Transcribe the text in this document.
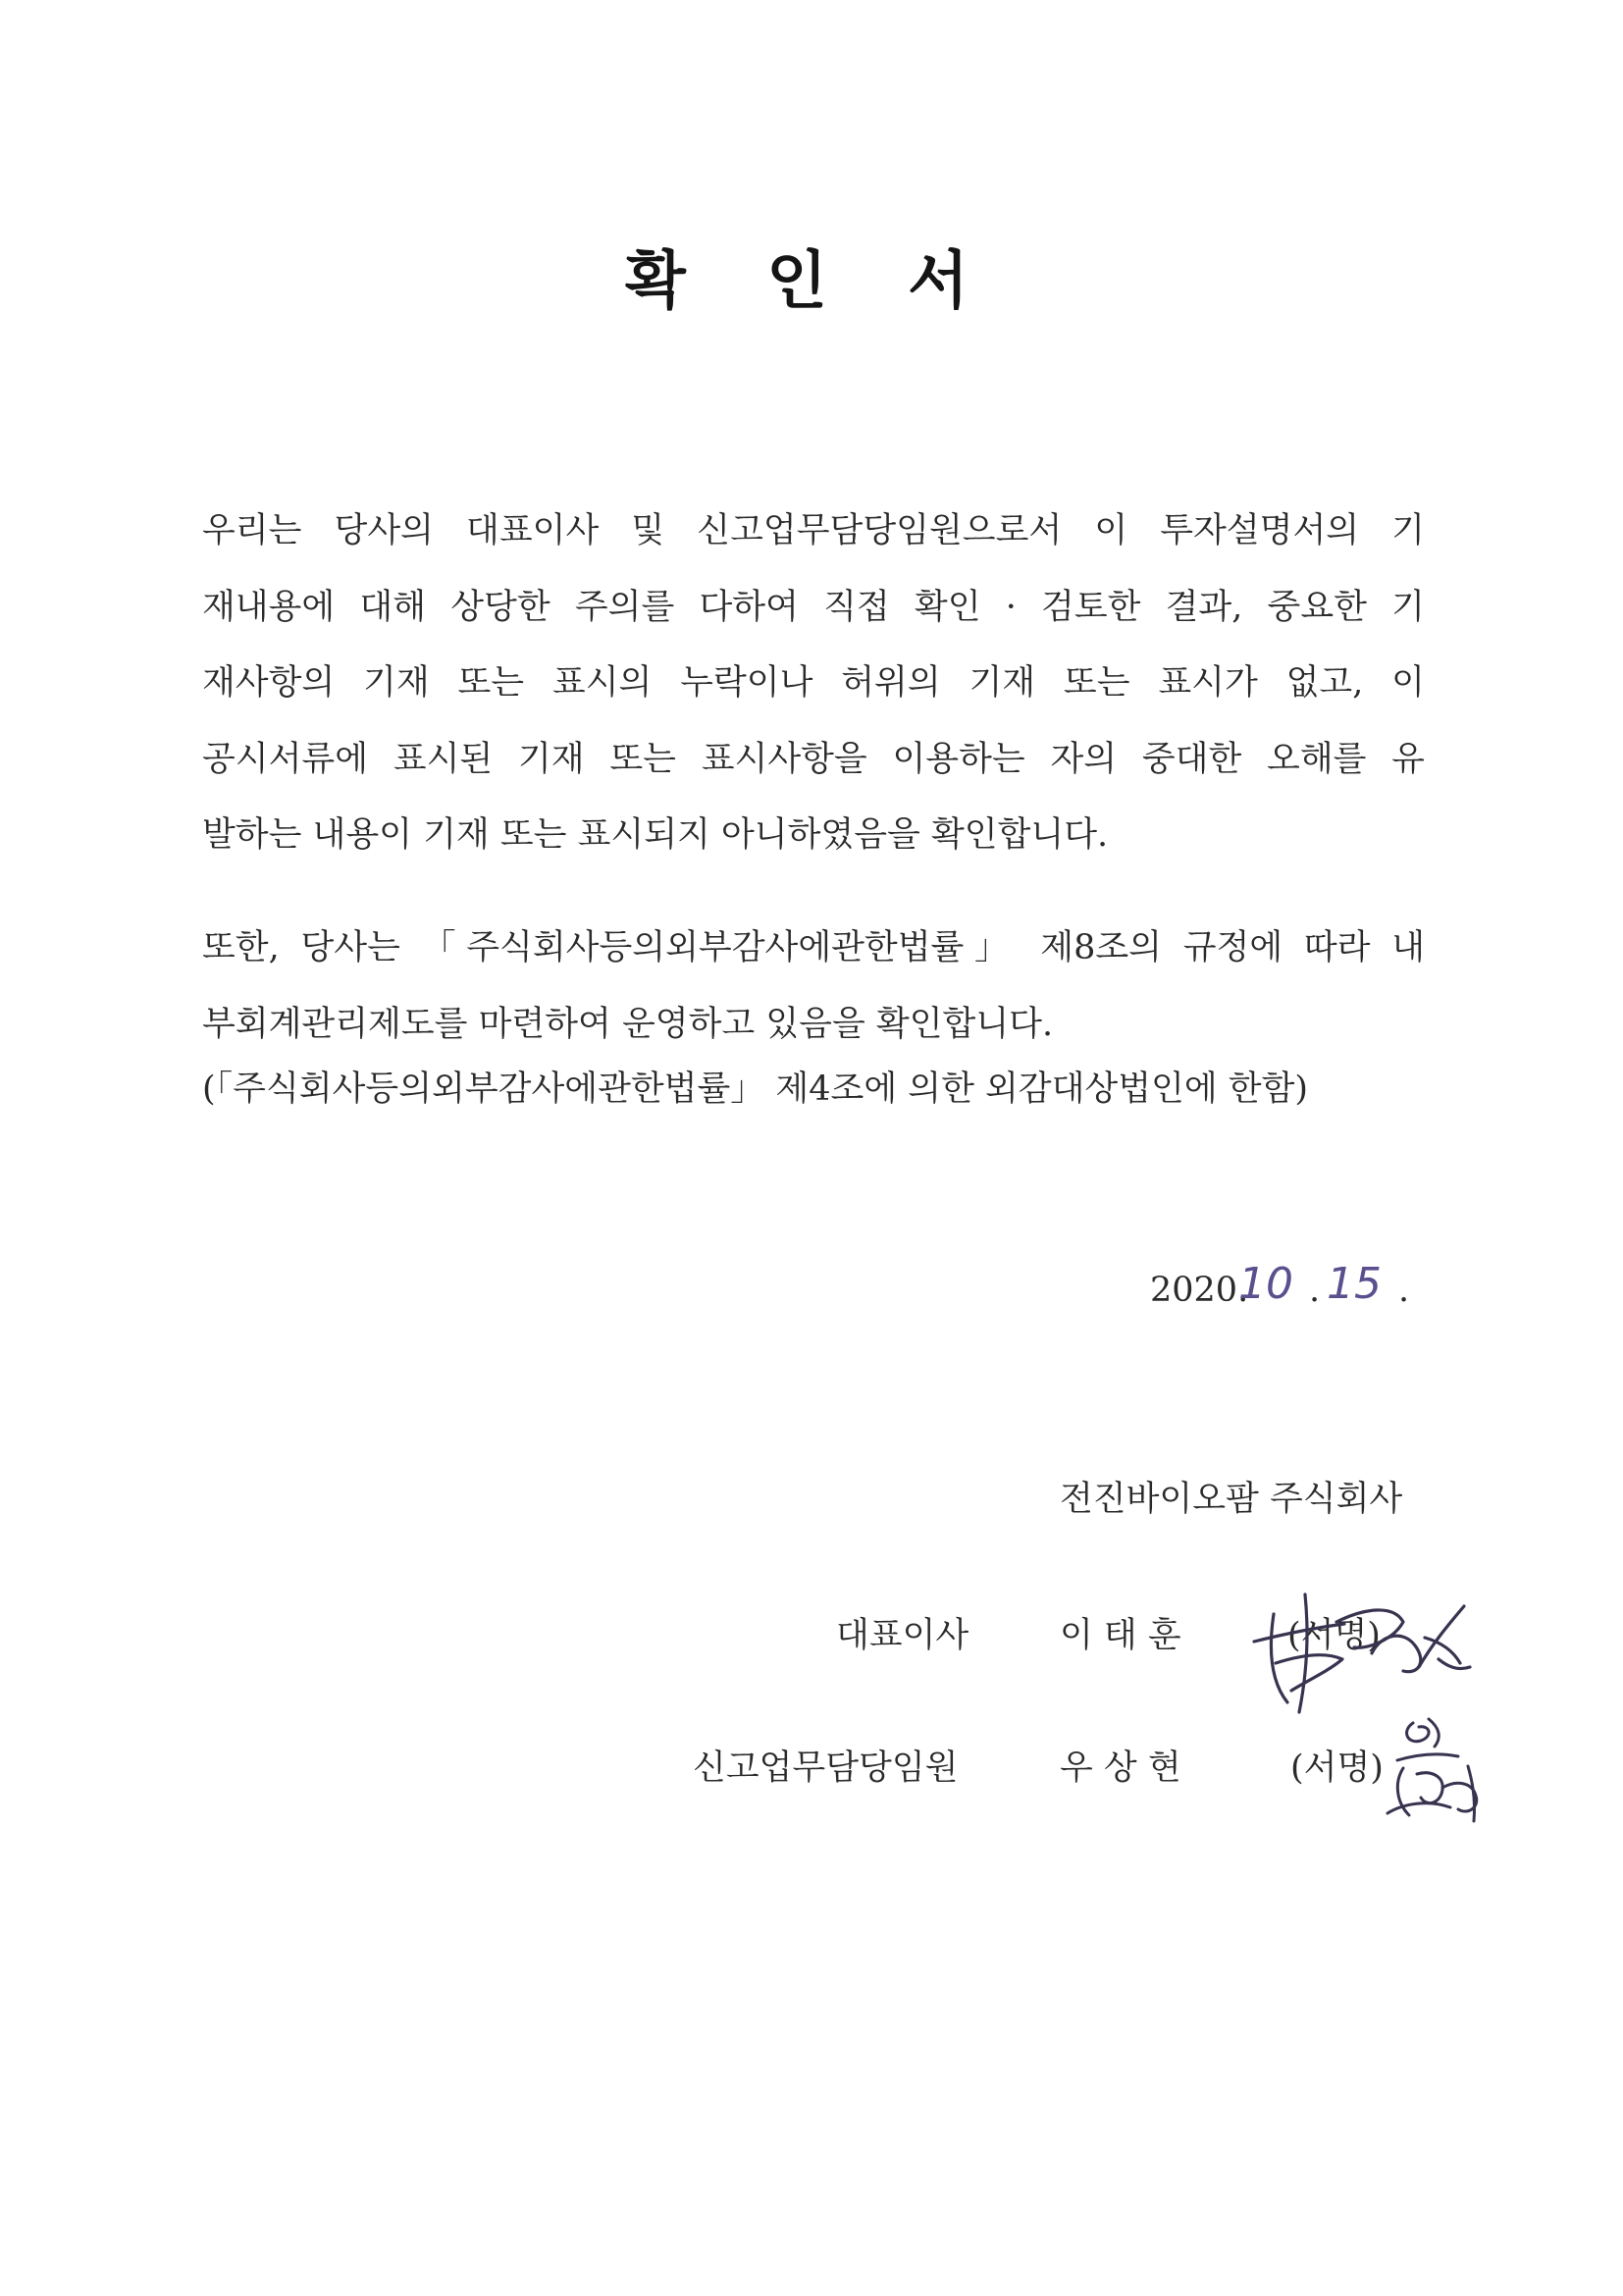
확 인 서
우리는 당사의 대표이사 및 신고업무담당임원으로서 이 투자설명서의 기
재내용에 대해 상당한 주의를 다하여 직접 확인 · 검토한 결과, 중요한 기
재사항의 기재 또는 표시의 누락이나 허위의 기재 또는 표시가 없고, 이
공시서류에 표시된 기재 또는 표시사항을 이용하는 자의 중대한 오해를 유
발하는 내용이 기재 또는 표시되지 아니하였음을 확인합니다.
또한, 당사는 「주식회사등의외부감사에관한법률」 제8조의 규정에 따라 내
부회계관리제도를 마련하여 운영하고 있음을 확인합니다.
(「주식회사등의외부감사에관한법률」 제4조에 의한 외감대상법인에 한함)
2020.
10 . 15 .
전진바이오팜 주식회사
대표이사	이 태 훈	(서명)
신고업무담당임원	우 상 현	(서명)
